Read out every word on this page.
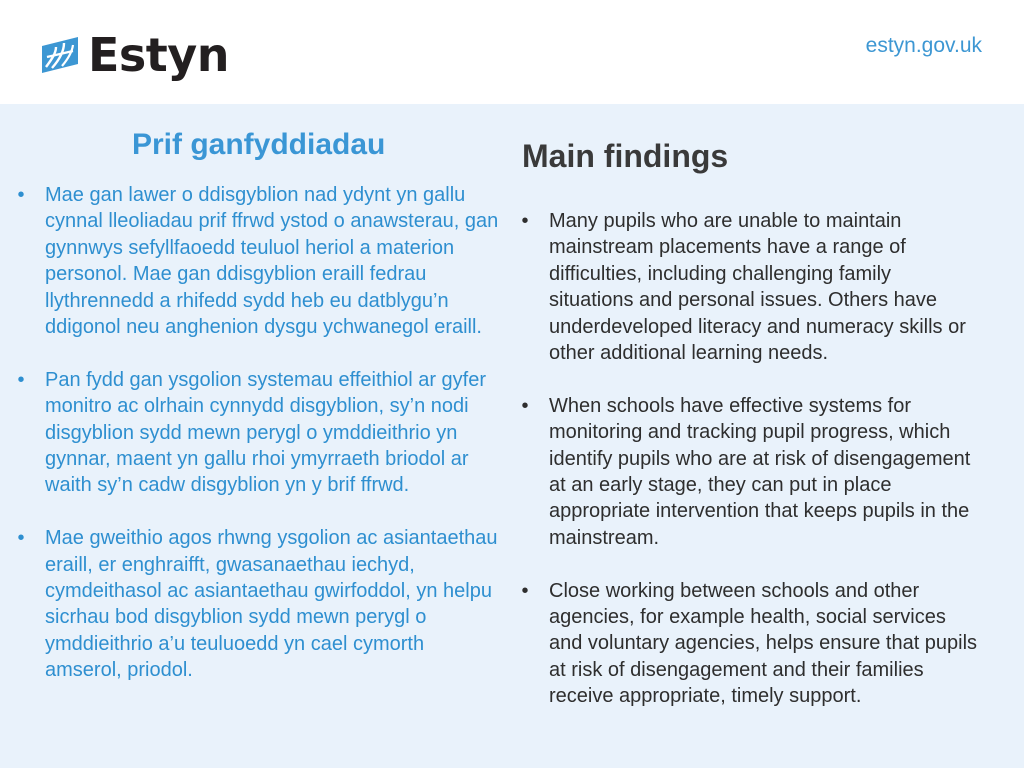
Estyn	estyn.gov.uk
Prif ganfyddiadau
• Mae gan lawer o ddisgyblion nad ydynt yn gallu cynnal lleoliadau prif ffrwd ystod o anawsterau, gan gynnwys sefyllfaoedd teuluol heriol a materion personol. Mae gan ddisgyblion eraill fedrau llythrennedd a rhifedd sydd heb eu datblygu’n ddigonol neu anghenion dysgu ychwanegol eraill.
• Pan fydd gan ysgolion systemau effeithiol ar gyfer monitro ac olrhain cynnydd disgyblion, sy’n nodi disgyblion sydd mewn perygl o ymddieithrio yn gynnar, maent yn gallu rhoi ymyrraeth briodol ar waith sy’n cadw disgyblion yn y brif ffrwd.
• Mae gweithio agos rhwng ysgolion ac asiantaethau eraill, er enghraifft, gwasanaethau iechyd, cymdeithasol ac asiantaethau gwirfoddol, yn helpu sicrhau bod disgyblion sydd mewn perygl o ymddieithrio a’u teuluoedd yn cael cymorth amserol, priodol.
Main findings
• Many pupils who are unable to maintain mainstream placements have a range of difficulties, including challenging family situations and personal issues. Others have underdeveloped literacy and numeracy skills or other additional learning needs.
• When schools have effective systems for monitoring and tracking pupil progress, which identify pupils who are at risk of disengagement at an early stage, they can put in place appropriate intervention that keeps pupils in the mainstream.
• Close working between schools and other agencies, for example health, social services and voluntary agencies, helps ensure that pupils at risk of disengagement and their families receive appropriate, timely support.
